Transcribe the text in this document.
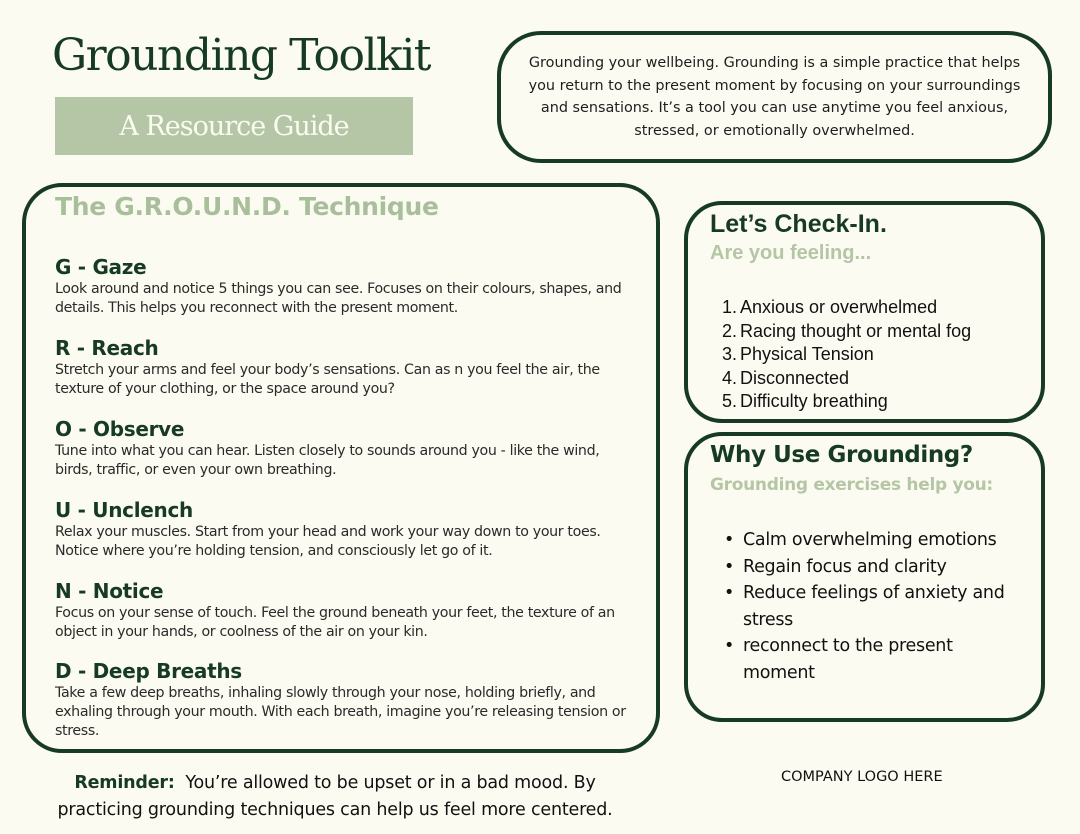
Grounding Toolkit
A Resource Guide
Grounding your wellbeing. Grounding is a simple practice that helps you return to the present moment by focusing on your surroundings and sensations. It’s a tool you can use anytime you feel anxious, stressed, or emotionally overwhelmed.
The G.R.O.U.N.D. Technique
G - Gaze

Look around and notice 5 things you can see. Focuses on their colours, shapes, and details. This helps you reconnect with the present moment.

R - Reach

Stretch your arms and feel your body’s sensations. Can as n you feel the air, the texture of your clothing, or the space around you?

O - Observe

Tune into what you can hear. Listen closely to sounds around you - like the wind, birds, traffic, or even your own breathing.

U - Unclench

Relax your muscles. Start from your head and work your way down to your toes. Notice where you’re holding tension, and consciously let go of it.

N - Notice

Focus on your sense of touch. Feel the ground beneath your feet, the texture of an object in your hands, or coolness of the air on your kin.

D - Deep Breaths

Take a few deep breaths, inhaling slowly through your nose, holding briefly, and exhaling through your mouth. With each breath, imagine you’re releasing tension or stress.

Let’s Check-In.
Are you feeling...
1. Anxious or overwhelmed
2. Racing thought or mental fog
3. Physical Tension
4. Disconnected
5. Difficulty breathing
Why Use Grounding?
Grounding exercises help you:
• Calm overwhelming emotions
• Regain focus and clarity
• Reduce feelings of anxiety and stress
• reconnect to the present moment
Reminder: You’re allowed to be upset or in a bad mood. By practicing grounding techniques can help us feel more centered.
COMPANY LOGO HERE
